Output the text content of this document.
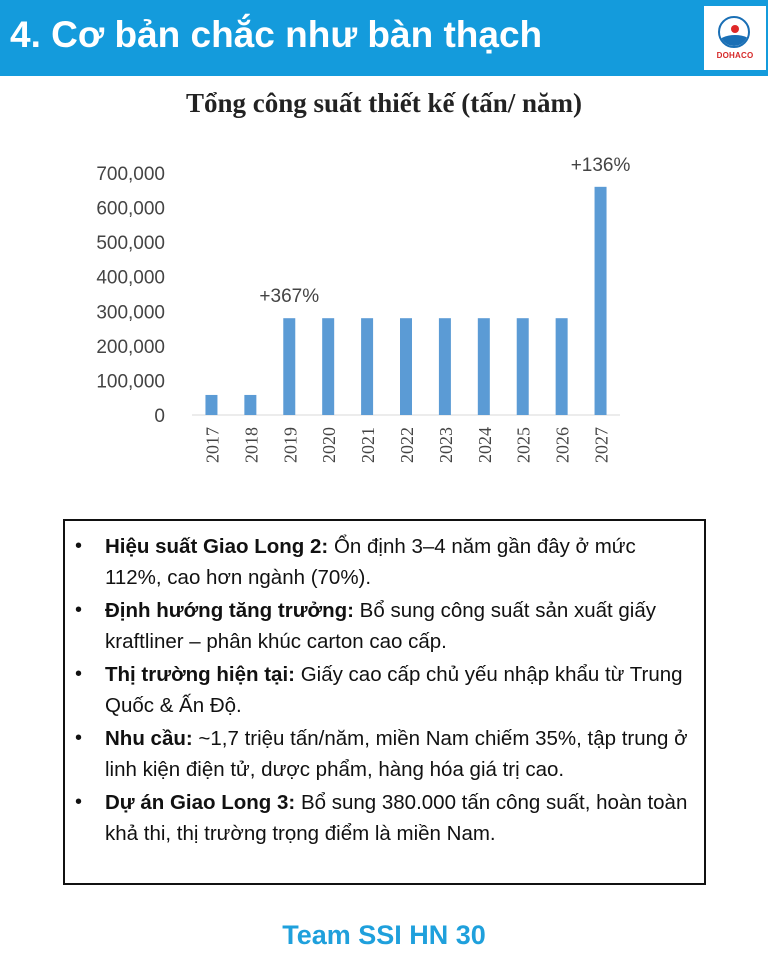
4. Cơ bản chắc như bàn thạch
DOHACO
Tổng công suất thiết kế (tấn/ năm)
0
100,000
200,000
300,000
400,000
500,000
600,000
700,000
2017 2018 2019 2020 2021 2022 2023 2024 2025 2026 2027
+367%
+136%
• Hiệu suất Giao Long 2: Ổn định 3–4 năm gần đây ở mức 112%, cao hơn ngành (70%).
• Định hướng tăng trưởng: Bổ sung công suất sản xuất giấy kraftliner – phân khúc carton cao cấp.
• Thị trường hiện tại: Giấy cao cấp chủ yếu nhập khẩu từ Trung Quốc & Ấn Độ.
• Nhu cầu: ~1,7 triệu tấn/năm, miền Nam chiếm 35%, tập trung ở linh kiện điện tử, dược phẩm, hàng hóa giá trị cao.
• Dự án Giao Long 3: Bổ sung 380.000 tấn công suất, hoàn toàn khả thi, thị trường trọng điểm là miền Nam.
Team SSI HN 30
